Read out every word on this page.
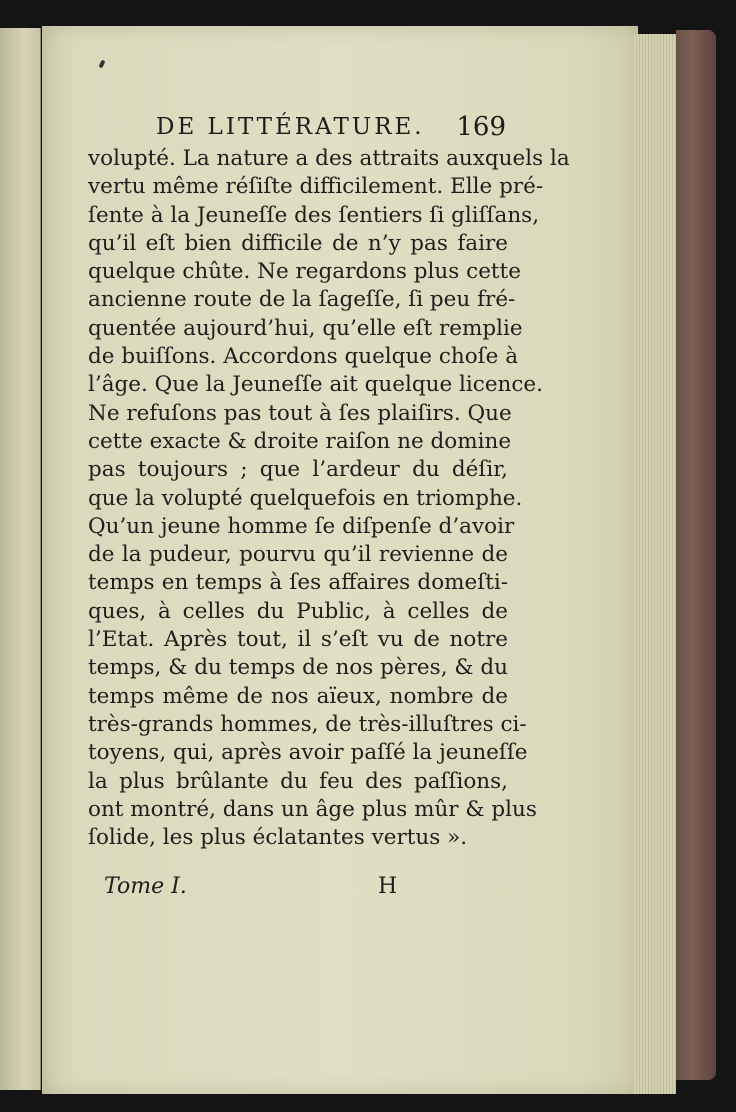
DE LITTÉRATURE. 169
volupté. La nature a des attraits auxquels la
vertu même réſiſte difficilement. Elle pré-
ſente à la Jeuneſſe des ſentiers ſi gliſſans,
qu’il eſt bien difficile de n’y pas faire
quelque chûte. Ne regardons plus cette
ancienne route de la ſageſſe, ſi peu fré-
quentée aujourd’hui, qu’elle eſt remplie
de buiſſons. Accordons quelque choſe à
l’âge. Que la Jeuneſſe ait quelque licence.
Ne refuſons pas tout à ſes plaiſirs. Que
cette exacte & droite raiſon ne domine
pas toujours ; que l’ardeur du déſir,
que la volupté quelquefois en triomphe.
Qu’un jeune homme ſe diſpenſe d’avoir
de la pudeur, pourvu qu’il revienne de
temps en temps à ſes affaires domeſti-
ques, à celles du Public, à celles de
l’Etat. Après tout, il s’eſt vu de notre
temps, & du temps de nos pères, & du
temps même de nos aïeux, nombre de
très-grands hommes, de très-illuſtres ci-
toyens, qui, après avoir paſſé la jeuneſſe
la plus brûlante du feu des paſſions,
ont montré, dans un âge plus mûr & plus
ſolide, les plus éclatantes vertus ».
Tome I.	H
